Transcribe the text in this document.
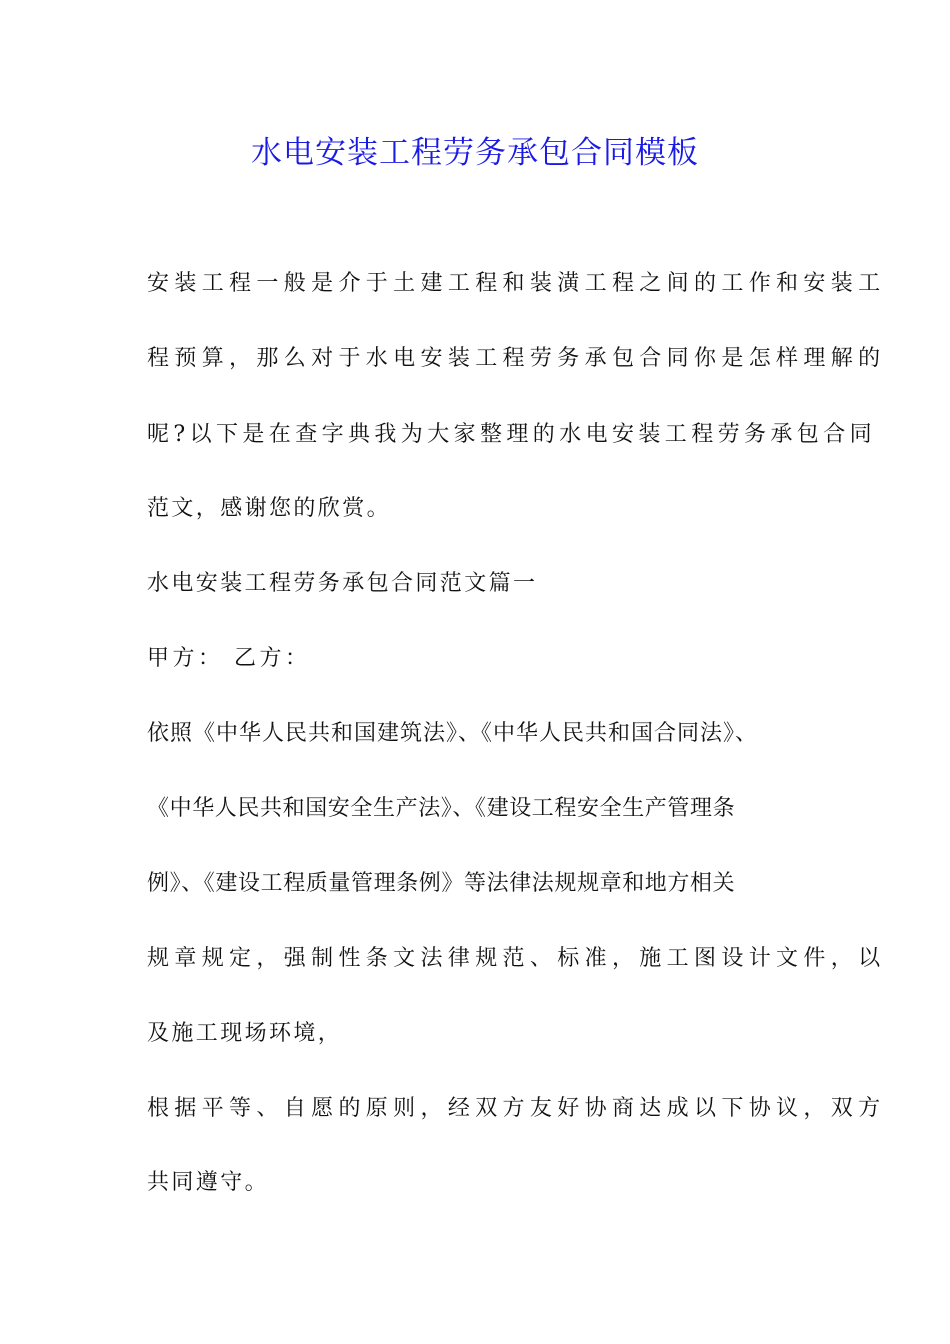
水电安装工程劳务承包合同模板
安装工程一般是介于土建工程和装潢工程之间的工作和安装工
程预算，那么对于水电安装工程劳务承包合同你是怎样理解的
呢?以下是在查字典我为大家整理的水电安装工程劳务承包合同
范文，感谢您的欣赏。
水电安装工程劳务承包合同范文篇一
甲方： 乙方：
依照《中华人民共和国建筑法》、《中华人民共和国合同法》、
《中华人民共和国安全生产法》、《建设工程安全生产管理条
例》、《建设工程质量管理条例》等法律法规规章和地方相关
规章规定，强制性条文法律规范、标准，施工图设计文件，以
及施工现场环境，
根据平等、自愿的原则，经双方友好协商达成以下协议，双方
共同遵守。
